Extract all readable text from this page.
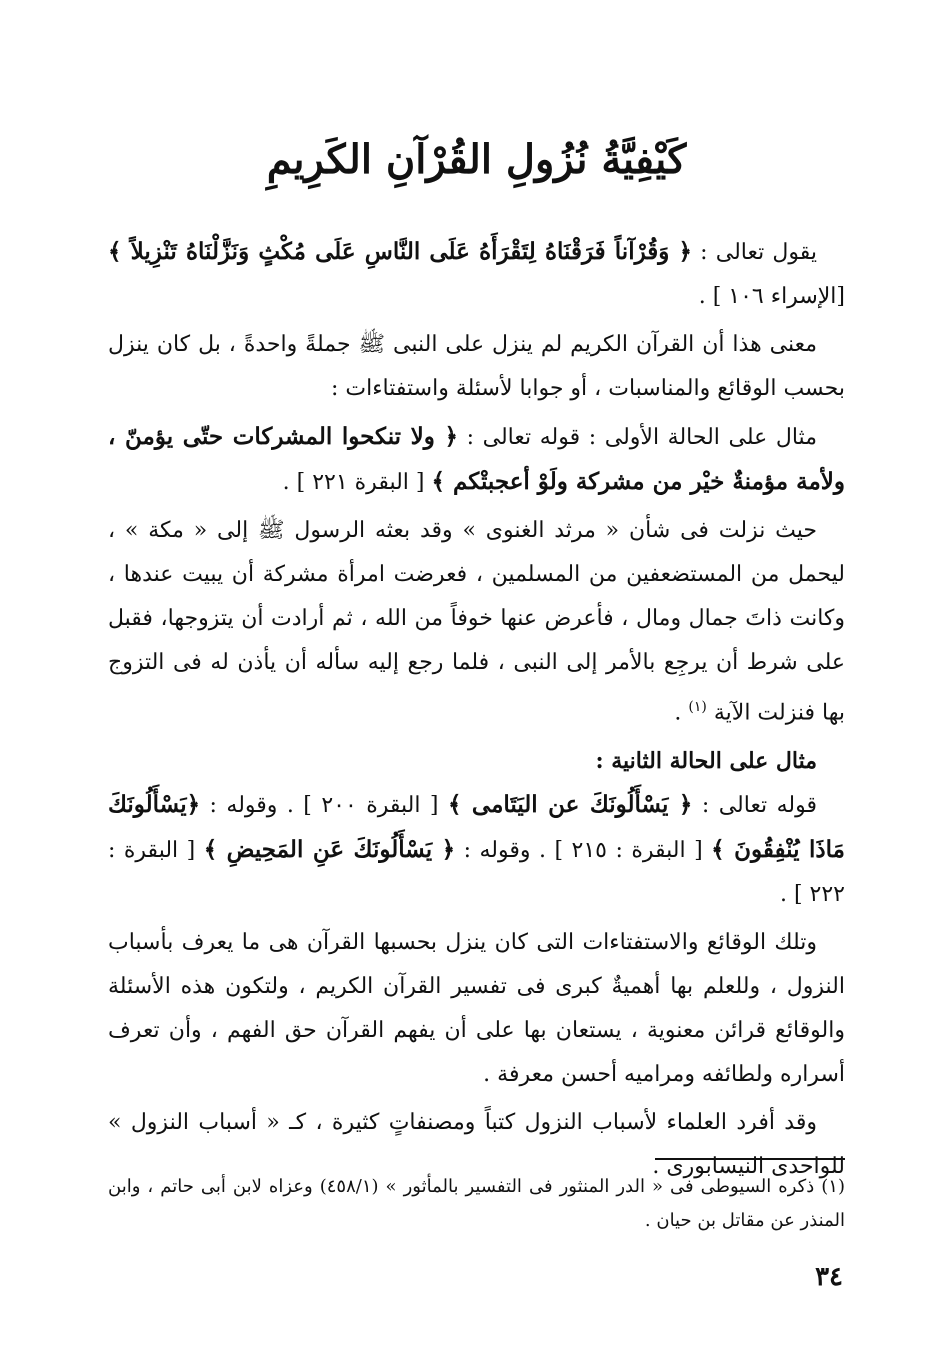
كَيْفِيَّةُ نُزُولِ القُرْآنِ الكَرِيمِ

يقول تعالى : ﴿ وَقُرْآناً فَرَقْنَاهُ لِتَقْرَأَهُ عَلَى النَّاسِ عَلَى مُكْثٍ وَنَزَّلْنَاهُ تَنْزِيلاً ﴾ [الإسراء ١٠٦ ] .

معنى هذا أن القرآن الكريم لم ينزل على النبى ﷺ جملةً واحدةً ، بل كان ينزل بحسب الوقائع والمناسبات ، أو جوابا لأسئلة واستفتاءات :

مثال على الحالة الأولى : قوله تعالى : ﴿ ولا تنكحوا المشركات حتّى يؤمنّ ، ولأمة مؤمنةٌ خيْر من مشركة ولَوْ أعجبتْكم ﴾ [ البقرة ٢٢١ ] .

حيث نزلت فى شأن « مرثد الغنوى » وقد بعثه الرسول ﷺ إلى « مكة » ، ليحمل من المستضعفين من المسلمين ، فعرضت امرأة مشركة أن يبيت عندها ، وكانت ذاتَ جمال ومال ، فأعرض عنها خوفاً من الله ، ثم أرادت أن يتزوجها، فقبل على شرط أن يرجِع بالأمر إلى النبى ، فلما رجع إليه سأله أن يأذن له فى التزوج بها فنزلت الآية $^{(١)}$ .

مثال على الحالة الثانية :

قوله تعالى : ﴿ يَسْأَلُونَكَ عن اليَتَامى ﴾ [ البقرة ٢٠٠ ] . وقوله : ﴿يَسْأَلُونَكَ مَاذَا يُنْفِقُونَ ﴾ [ البقرة : ٢١٥ ] . وقوله : ﴿ يَسْأَلُونَكَ عَنِ المَحِيضِ ﴾ [ البقرة : ٢٢٢ ] .

وتلك الوقائع والاستفتاءات التى كان ينزل بحسبها القرآن هى ما يعرف بأسباب النزول ، وللعلم بها أهميةٌ كبرى فى تفسير القرآن الكريم ، ولتكون هذه الأسئلة والوقائع قرائن معنوية ، يستعان بها على أن يفهم القرآن حق الفهم ، وأن تعرف أسراره ولطائفه ومراميه أحسن معرفة .

وقد أفرد العلماء لأسباب النزول كتباً ومصنفاتٍ كثيرة ، كـ « أسباب النزول » للواحدى النيسابورى .

(١) ذكره السيوطى فى « الدر المنثور فى التفسير بالمأثور » (٤٥٨/١) وعزاه لابن أبى حاتم ، وابن المنذر عن مقاتل بن حيان .

٣٤
